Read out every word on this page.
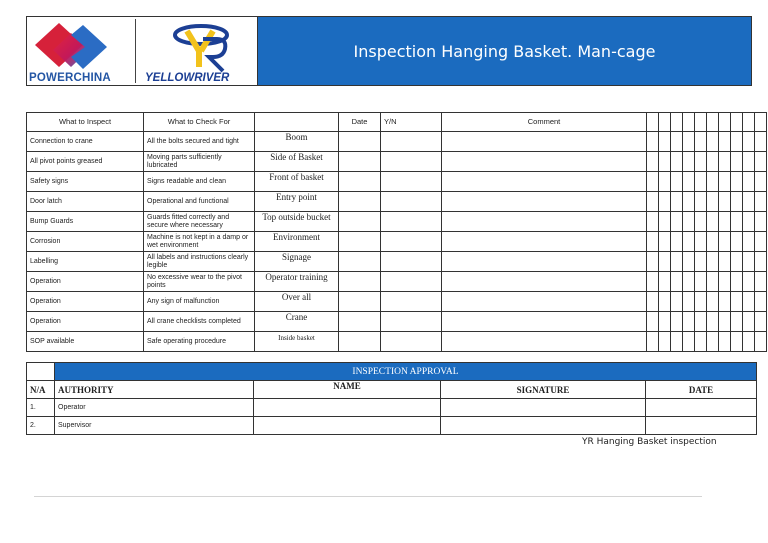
POWERCHINA	YELLOWRIVER
Inspection Hanging Basket. Man-cage
What to Inspect	What to Check For		Date	Y/N	Comment										
Connection to crane	All the bolts secured and tight	Boom													
All pivot points greased	Moving parts sufficiently lubricated	Side of Basket													
Safety signs	Signs readable and clean	Front of basket													
Door latch	Operational and functional	Entry point													
Bump Guards	Guards fitted correctly and secure where necessary	Top outside bucket													
Corrosion	Machine is not kept in a damp or wet environment	Environment													
Labelling	All labels and instructions clearly legible	Signage													
Operation	No excessive wear to the pivot points	Operator training													
Operation	Any sign of malfunction	Over all													
Operation	All crane checklists completed	Crane													
SOP available	Safe operating procedure	Inside basket													
	INSPECTION APPROVAL			
N/A	AUTHORITY	NAME	SIGNATURE	DATE
1.	Operator			
2.	Supervisor			
YR Hanging Basket inspection
